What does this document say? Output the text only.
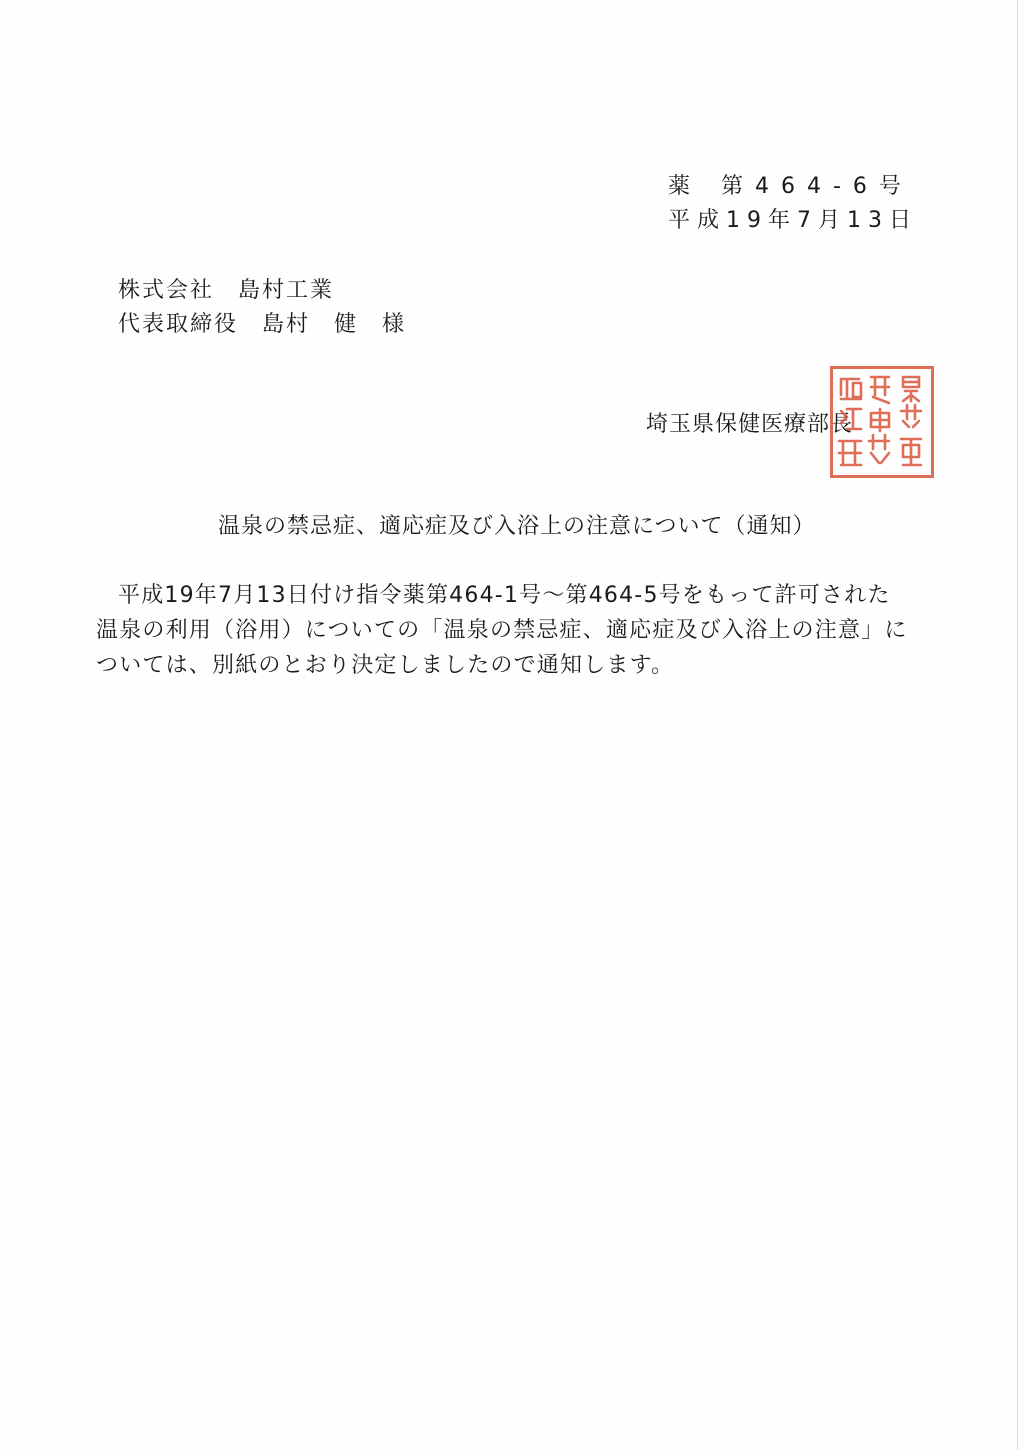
薬 第464-6号
平成19年7月13日
株式会社　島村工業
代表取締役　島村　健　様
埼玉県保健医療部長
温泉の禁忌症、適応症及び入浴上の注意について（通知）
平成19年7月13日付け指令薬第464-1号～第464-5号をもって許可された温泉の利用（浴用）についての「温泉の禁忌症、適応症及び入浴上の注意」については、別紙のとおり決定しましたので通知します。
